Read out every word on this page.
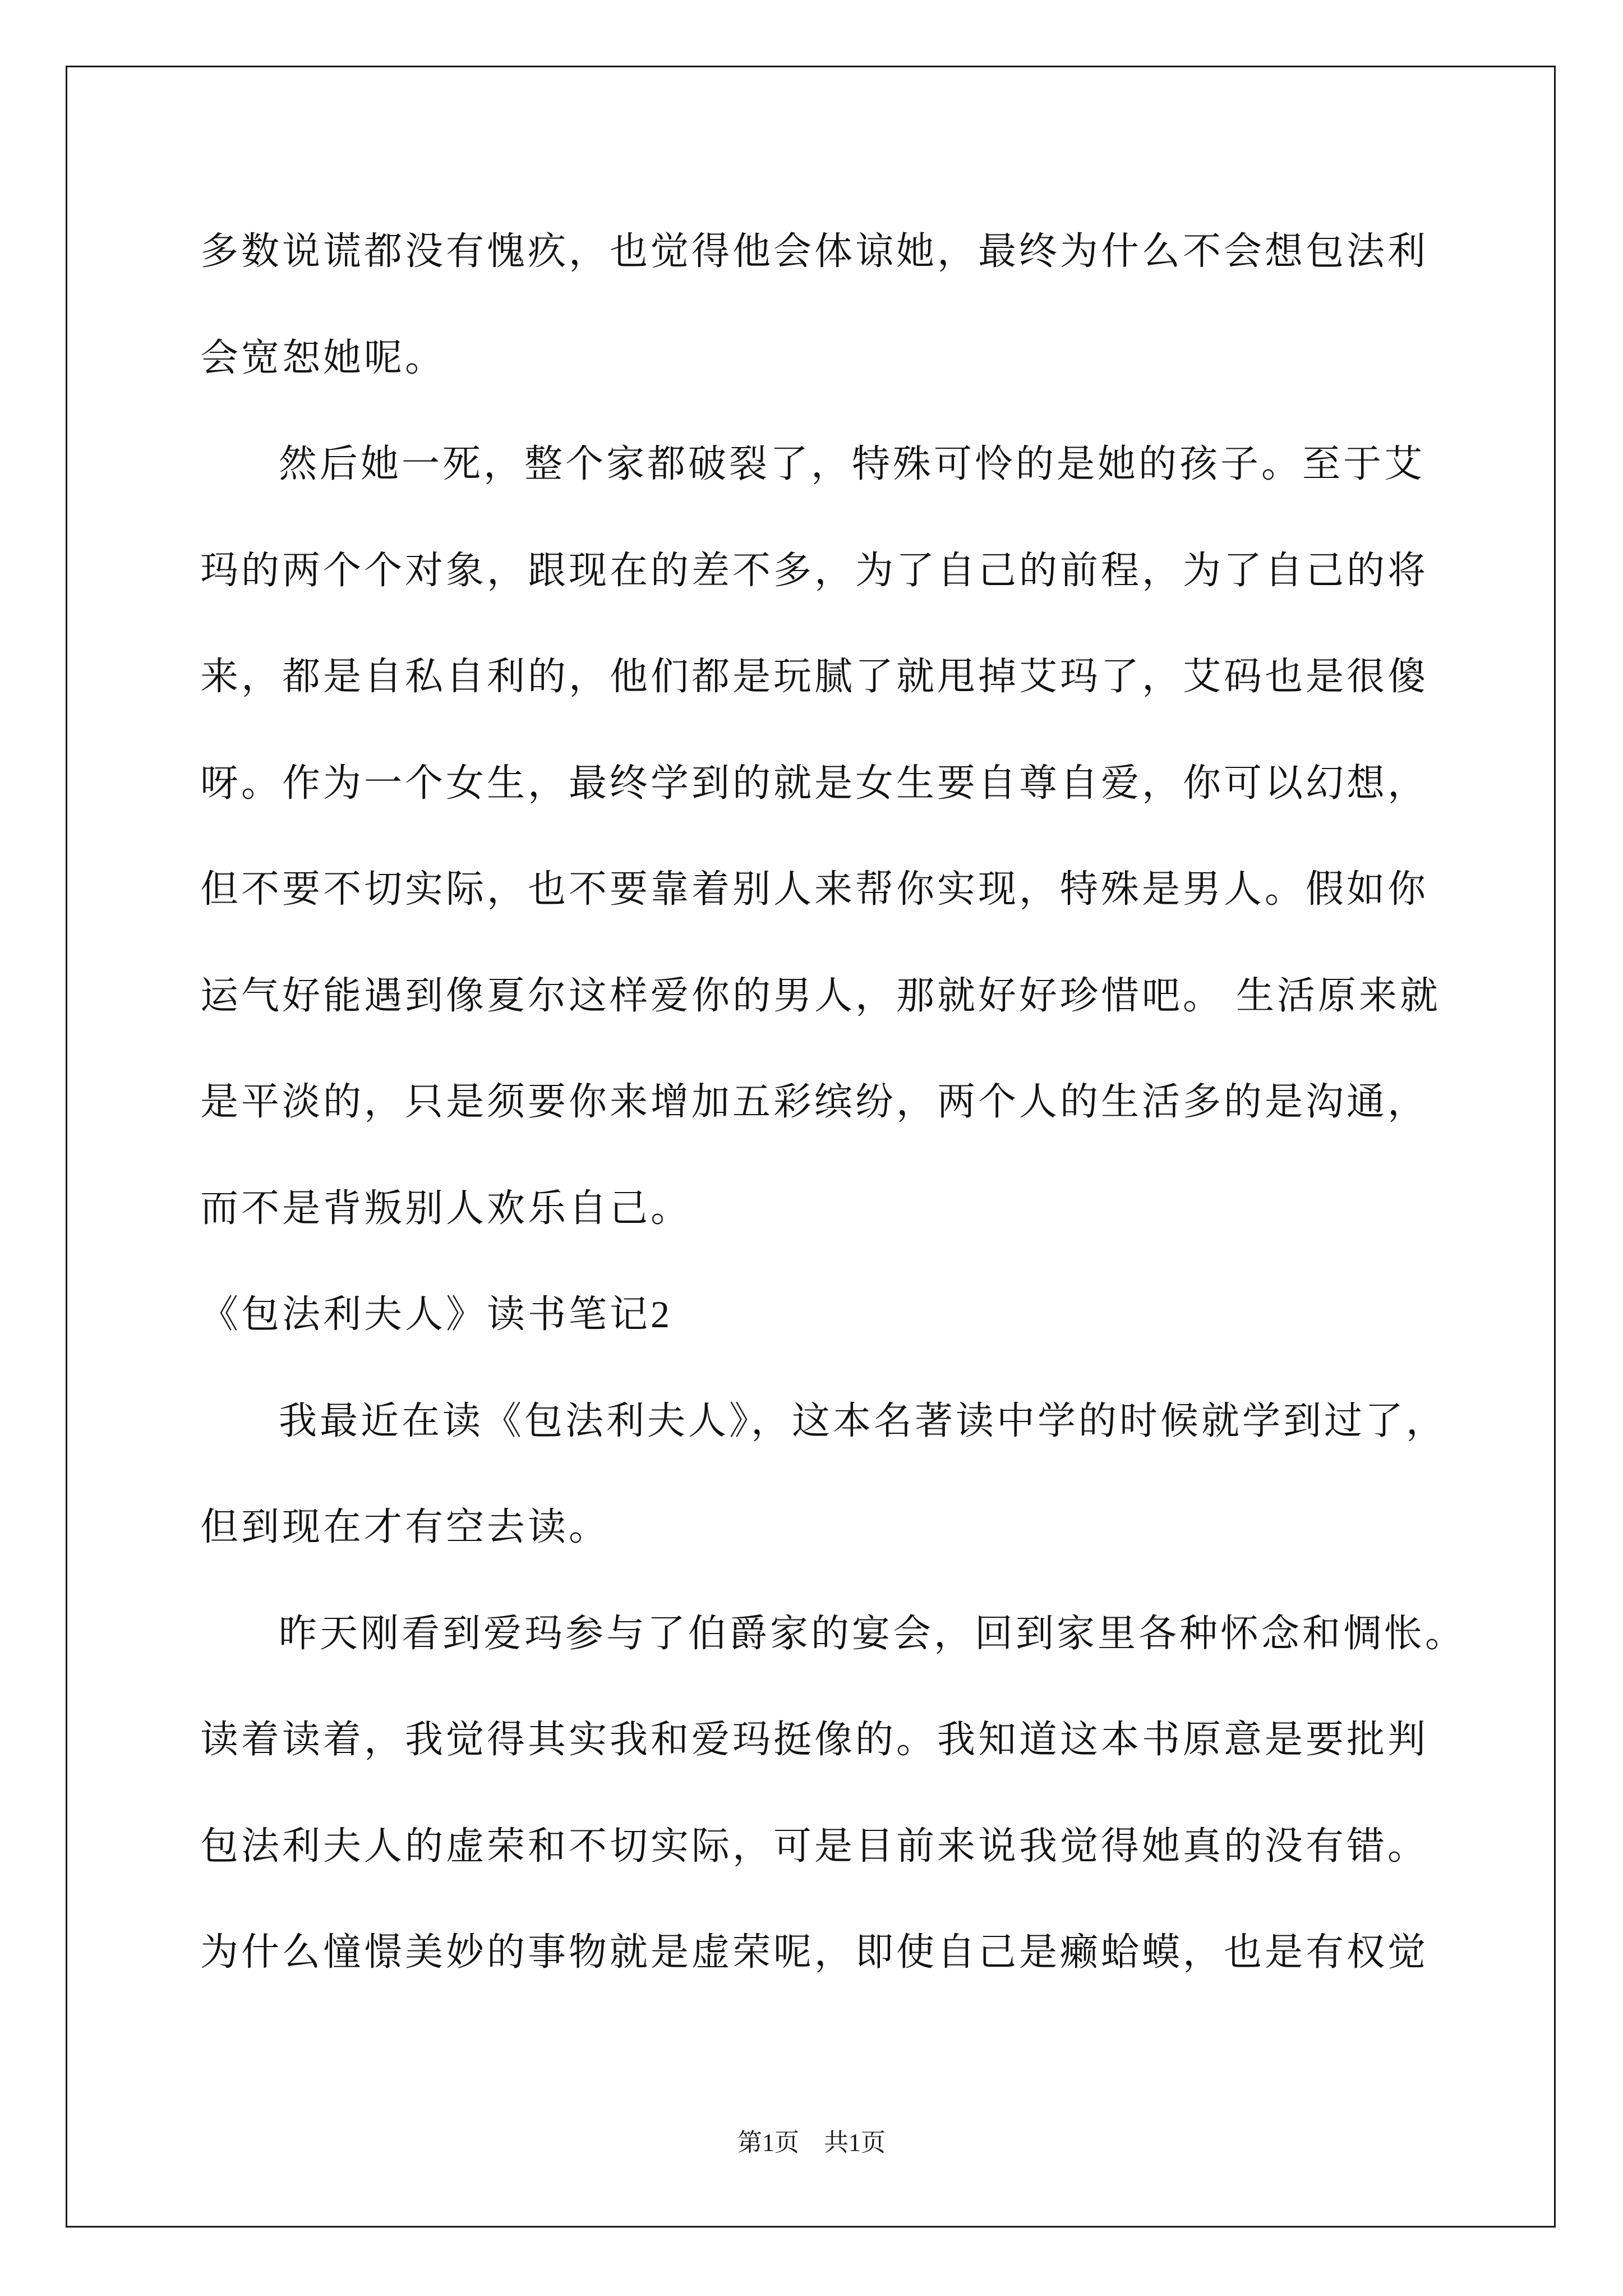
多数说谎都没有愧疚，也觉得他会体谅她，最终为什么不会想包法利
会宽恕她呢。
然后她一死，整个家都破裂了，特殊可怜的是她的孩子。至于艾
玛的两个个对象，跟现在的差不多，为了自己的前程，为了自己的将
来，都是自私自利的，他们都是玩腻了就甩掉艾玛了，艾码也是很傻
呀。作为一个女生，最终学到的就是女生要自尊自爱，你可以幻想，
但不要不切实际，也不要靠着别人来帮你实现，特殊是男人。假如你
运气好能遇到像夏尔这样爱你的男人，那就好好珍惜吧。 生活原来就
是平淡的，只是须要你来增加五彩缤纷，两个人的生活多的是沟通，
而不是背叛别人欢乐自己。
《包法利夫人》读书笔记2
我最近在读《包法利夫人》，这本名著读中学的时候就学到过了，
但到现在才有空去读。
昨天刚看到爱玛参与了伯爵家的宴会，回到家里各种怀念和惆怅。
读着读着，我觉得其实我和爱玛挺像的。我知道这本书原意是要批判
包法利夫人的虚荣和不切实际，可是目前来说我觉得她真的没有错。
为什么憧憬美妙的事物就是虚荣呢，即使自己是癞蛤蟆，也是有权觉
第1页　共1页
